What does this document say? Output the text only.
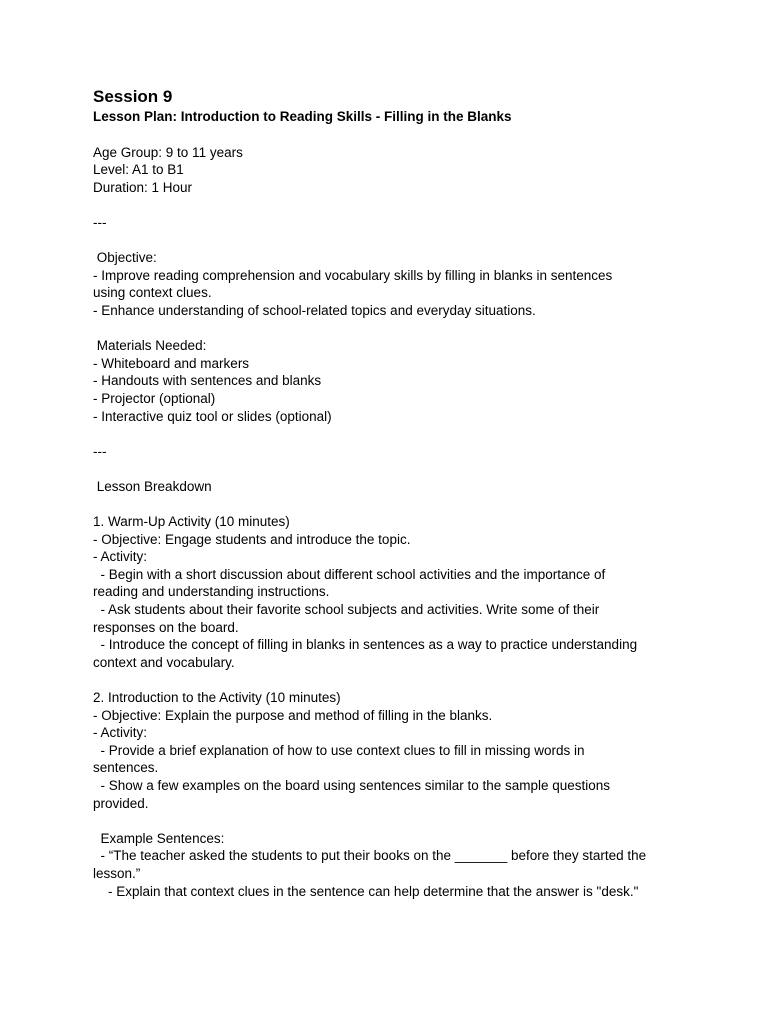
Session 9
Lesson Plan: Introduction to Reading Skills - Filling in the Blanks
Age Group: 9 to 11 years
Level: A1 to B1
Duration: 1 Hour
---
Objective:
- Improve reading comprehension and vocabulary skills by filling in blanks in sentences
using context clues.
- Enhance understanding of school-related topics and everyday situations.
Materials Needed:
- Whiteboard and markers
- Handouts with sentences and blanks
- Projector (optional)
- Interactive quiz tool or slides (optional)
---
Lesson Breakdown
1. Warm-Up Activity (10 minutes)
- Objective: Engage students and introduce the topic.
- Activity:
- Begin with a short discussion about different school activities and the importance of
reading and understanding instructions.
- Ask students about their favorite school subjects and activities. Write some of their
responses on the board.
- Introduce the concept of filling in blanks in sentences as a way to practice understanding
context and vocabulary.
2. Introduction to the Activity (10 minutes)
- Objective: Explain the purpose and method of filling in the blanks.
- Activity:
- Provide a brief explanation of how to use context clues to fill in missing words in
sentences.
- Show a few examples on the board using sentences similar to the sample questions
provided.
Example Sentences:
- “The teacher asked the students to put their books on the _______ before they started the
lesson.”
- Explain that context clues in the sentence can help determine that the answer is "desk."
